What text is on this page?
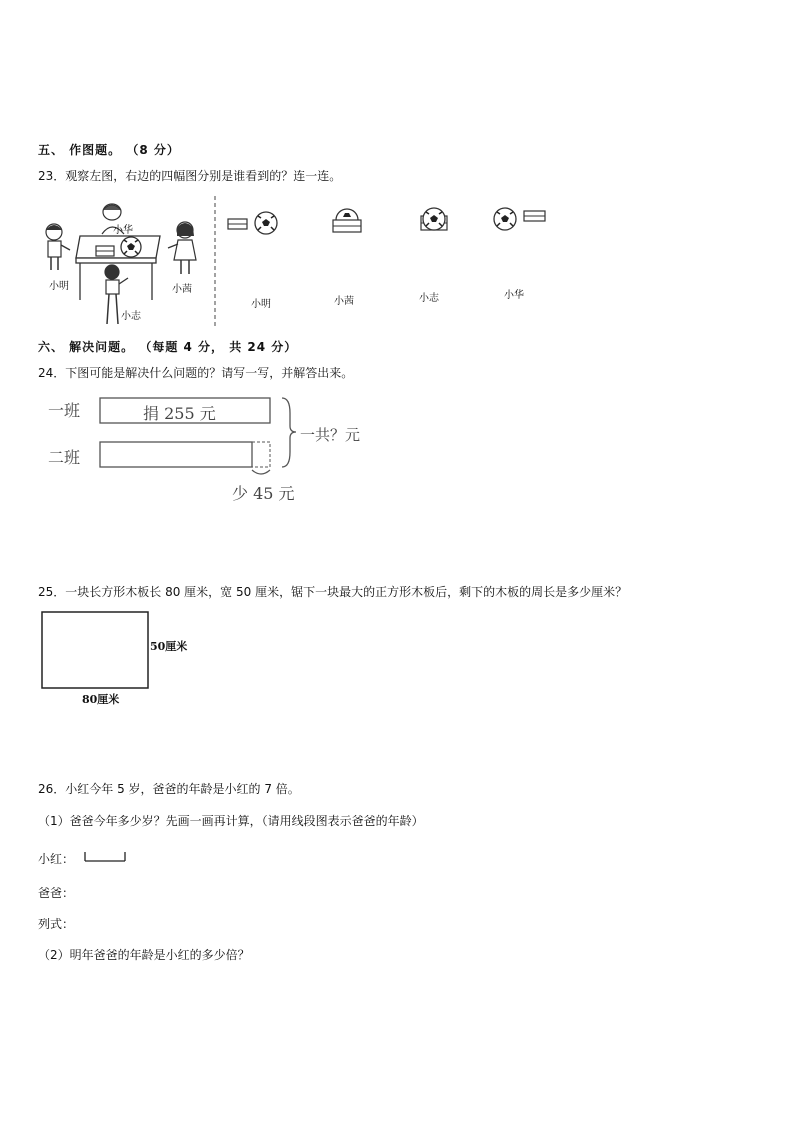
五、 作图题。 （8 分）
23．观察左图，右边的四幅图分别是谁看到的？连一连。
小华
小明	小茜
小志
小明	小茜	小志	小华
六、 解决问题。 （每题 4 分， 共 24 分）
24．下图可能是解决什么问题的？请写一写，并解答出来。
一班
二班
捐 255 元
一共？元
少 45 元
25．一块长方形木板长 80 厘米，宽 50 厘米，锯下一块最大的正方形木板后，剩下的木板的周长是多少厘米？
50厘米
80厘米
26．小红今年 5 岁，爸爸的年龄是小红的 7 倍。
（1）爸爸今年多少岁？先画一画再计算，（请用线段图表示爸爸的年龄）
小红：
爸爸：
列式：
（2）明年爸爸的年龄是小红的多少倍？
